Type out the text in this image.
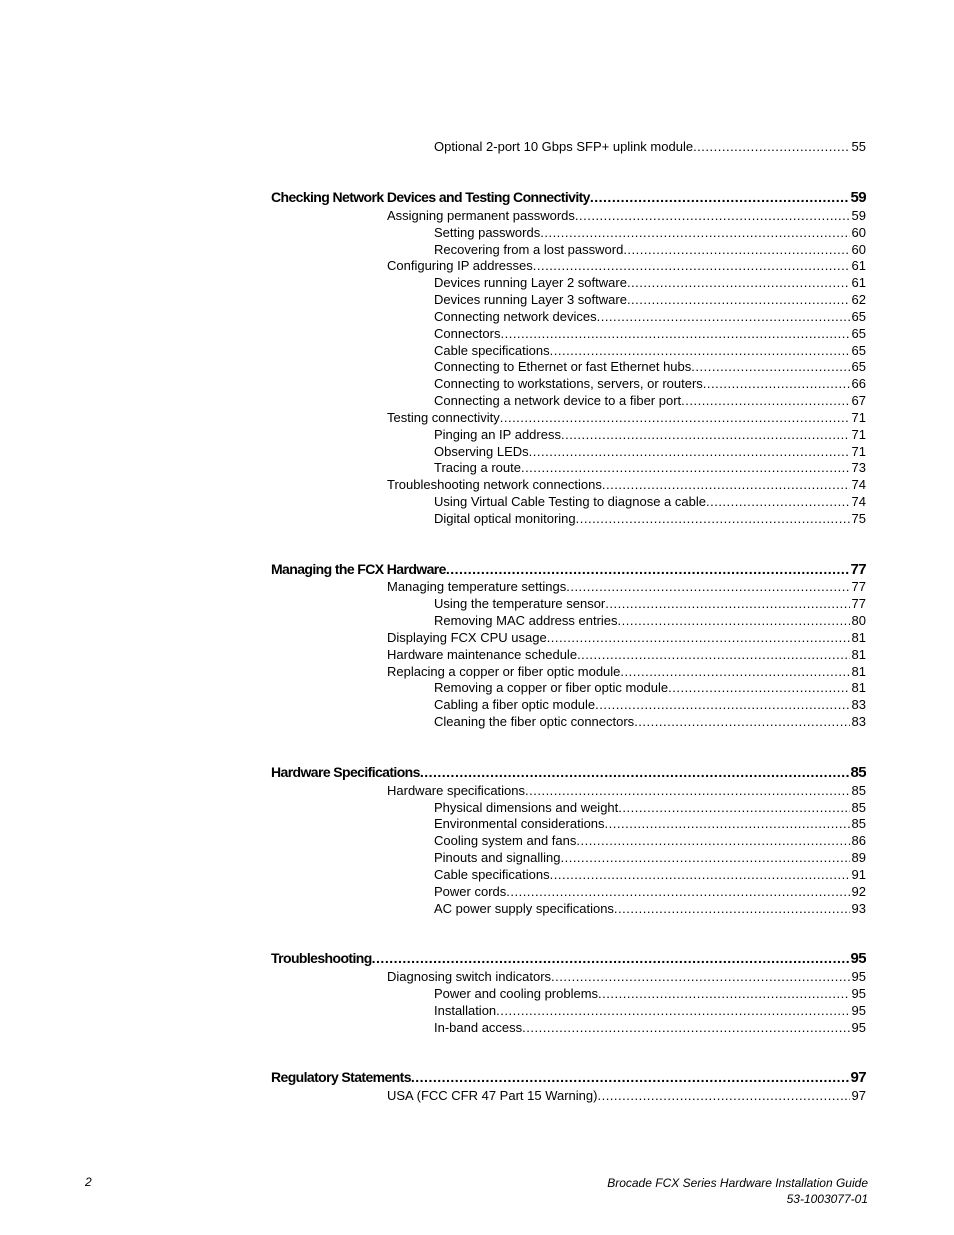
Optional 2-port 10 Gbps SFP+ uplink module .....	55
Checking Network Devices and Testing Connectivity .....	59
Assigning permanent passwords .....	59
Setting passwords .....	60
Recovering from a lost password .....	60
Configuring IP addresses .....	61
Devices running Layer 2 software .....	61
Devices running Layer 3 software .....	62
Connecting network devices .....	65
Connectors .....	65
Cable specifications .....	65
Connecting to Ethernet or fast Ethernet hubs .....	65
Connecting to workstations, servers, or routers .....	66
Connecting a network device to a fiber port .....	67
Testing connectivity .....	71
Pinging an IP address .....	71
Observing LEDs .....	71
Tracing a route .....	73
Troubleshooting network connections .....	74
Using Virtual Cable Testing to diagnose a cable .....	74
Digital optical monitoring .....	75
Managing the FCX Hardware .....	77
Managing temperature settings .....	77
Using the temperature sensor .....	77
Removing MAC address entries .....	80
Displaying FCX CPU usage .....	81
Hardware maintenance schedule .....	81
Replacing a copper or fiber optic module .....	81
Removing a copper or fiber optic module .....	81
Cabling a fiber optic module .....	83
Cleaning the fiber optic connectors .....	83
Hardware Specifications .....	85
Hardware specifications .....	85
Physical dimensions and weight .....	85
Environmental considerations .....	85
Cooling system and fans .....	86
Pinouts and signalling .....	89
Cable specifications .....	91
Power cords .....	92
AC power supply specifications .....	93
Troubleshooting .....	95
Diagnosing switch indicators .....	95
Power and cooling problems .....	95
Installation .....	95
In-band access .....	95
Regulatory Statements .....	97
USA (FCC CFR 47 Part 15 Warning) .....	97
2	Brocade FCX Series Hardware Installation Guide
53-1003077-01
